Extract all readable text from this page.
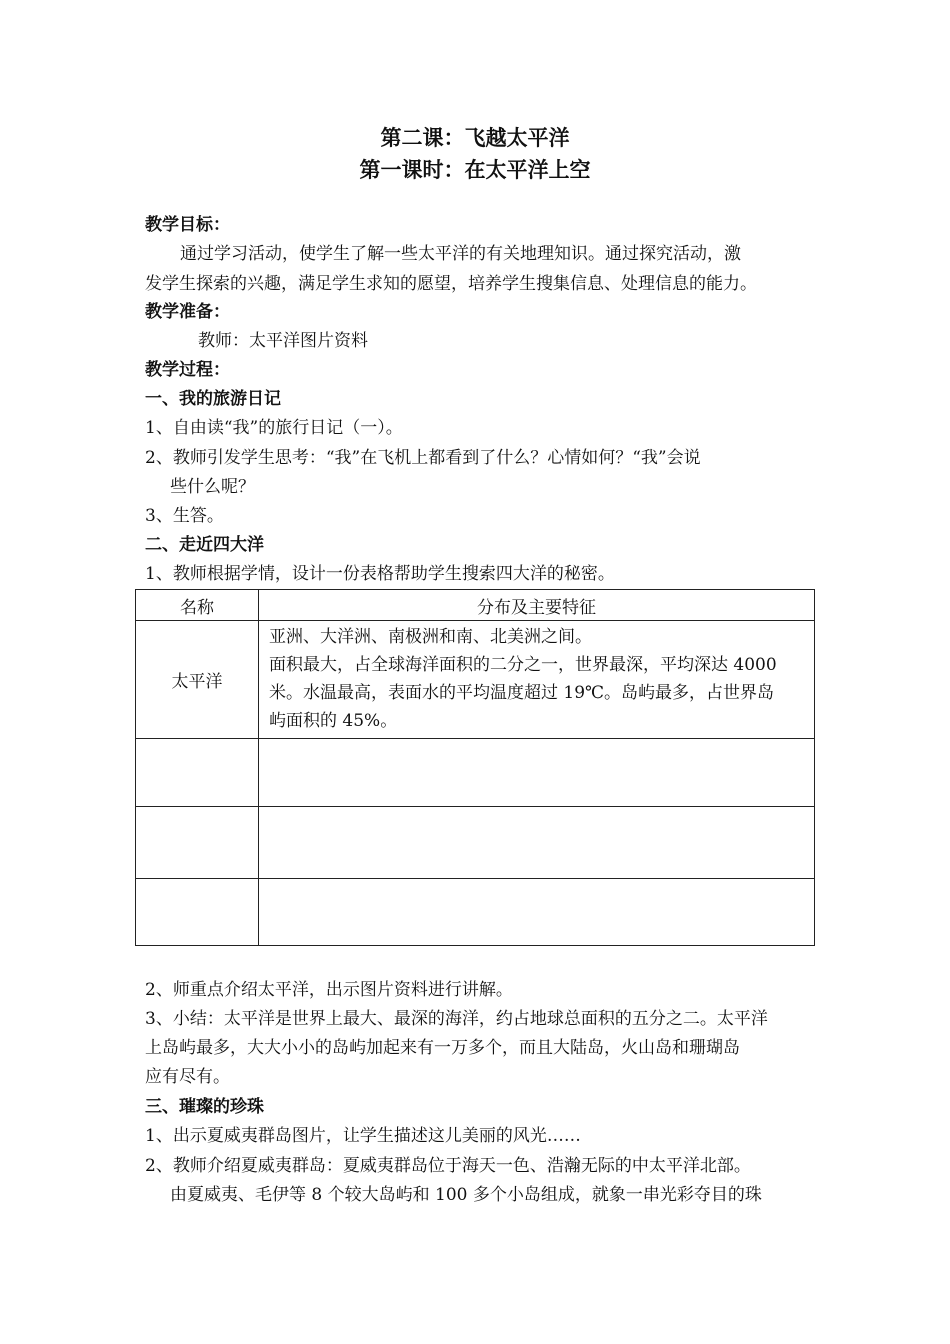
第二课：飞越太平洋
第一课时：在太平洋上空
教学目标：
通过学习活动，使学生了解一些太平洋的有关地理知识。通过探究活动，激
发学生探索的兴趣，满足学生求知的愿望，培养学生搜集信息、处理信息的能力。
教学准备：
教师：太平洋图片资料
教学过程：
一、我的旅游日记
1、自由读“我”的旅行日记（一）。
2、教师引发学生思考：“我”在飞机上都看到了什么？心情如何？“我”会说
些什么呢？
3、生答。
二、走近四大洋
1、教师根据学情，设计一份表格帮助学生搜索四大洋的秘密。
名称	分布及主要特征
太平洋	亚洲、大洋洲、南极洲和南、北美洲之间。
面积最大，占全球海洋面积的二分之一，世界最深，平均深达 4000
米。水温最高，表面水的平均温度超过 19℃。岛屿最多，占世界岛
屿面积的 45%。

2、师重点介绍太平洋，出示图片资料进行讲解。
3、小结：太平洋是世界上最大、最深的海洋，约占地球总面积的五分之二。太平洋
上岛屿最多，大大小小的岛屿加起来有一万多个，而且大陆岛，火山岛和珊瑚岛
应有尽有。
三、璀璨的珍珠
1、出示夏威夷群岛图片，让学生描述这儿美丽的风光……
2、教师介绍夏威夷群岛：夏威夷群岛位于海天一色、浩瀚无际的中太平洋北部。
由夏威夷、毛伊等 8 个较大岛屿和 100 多个小岛组成，就象一串光彩夺目的珠
